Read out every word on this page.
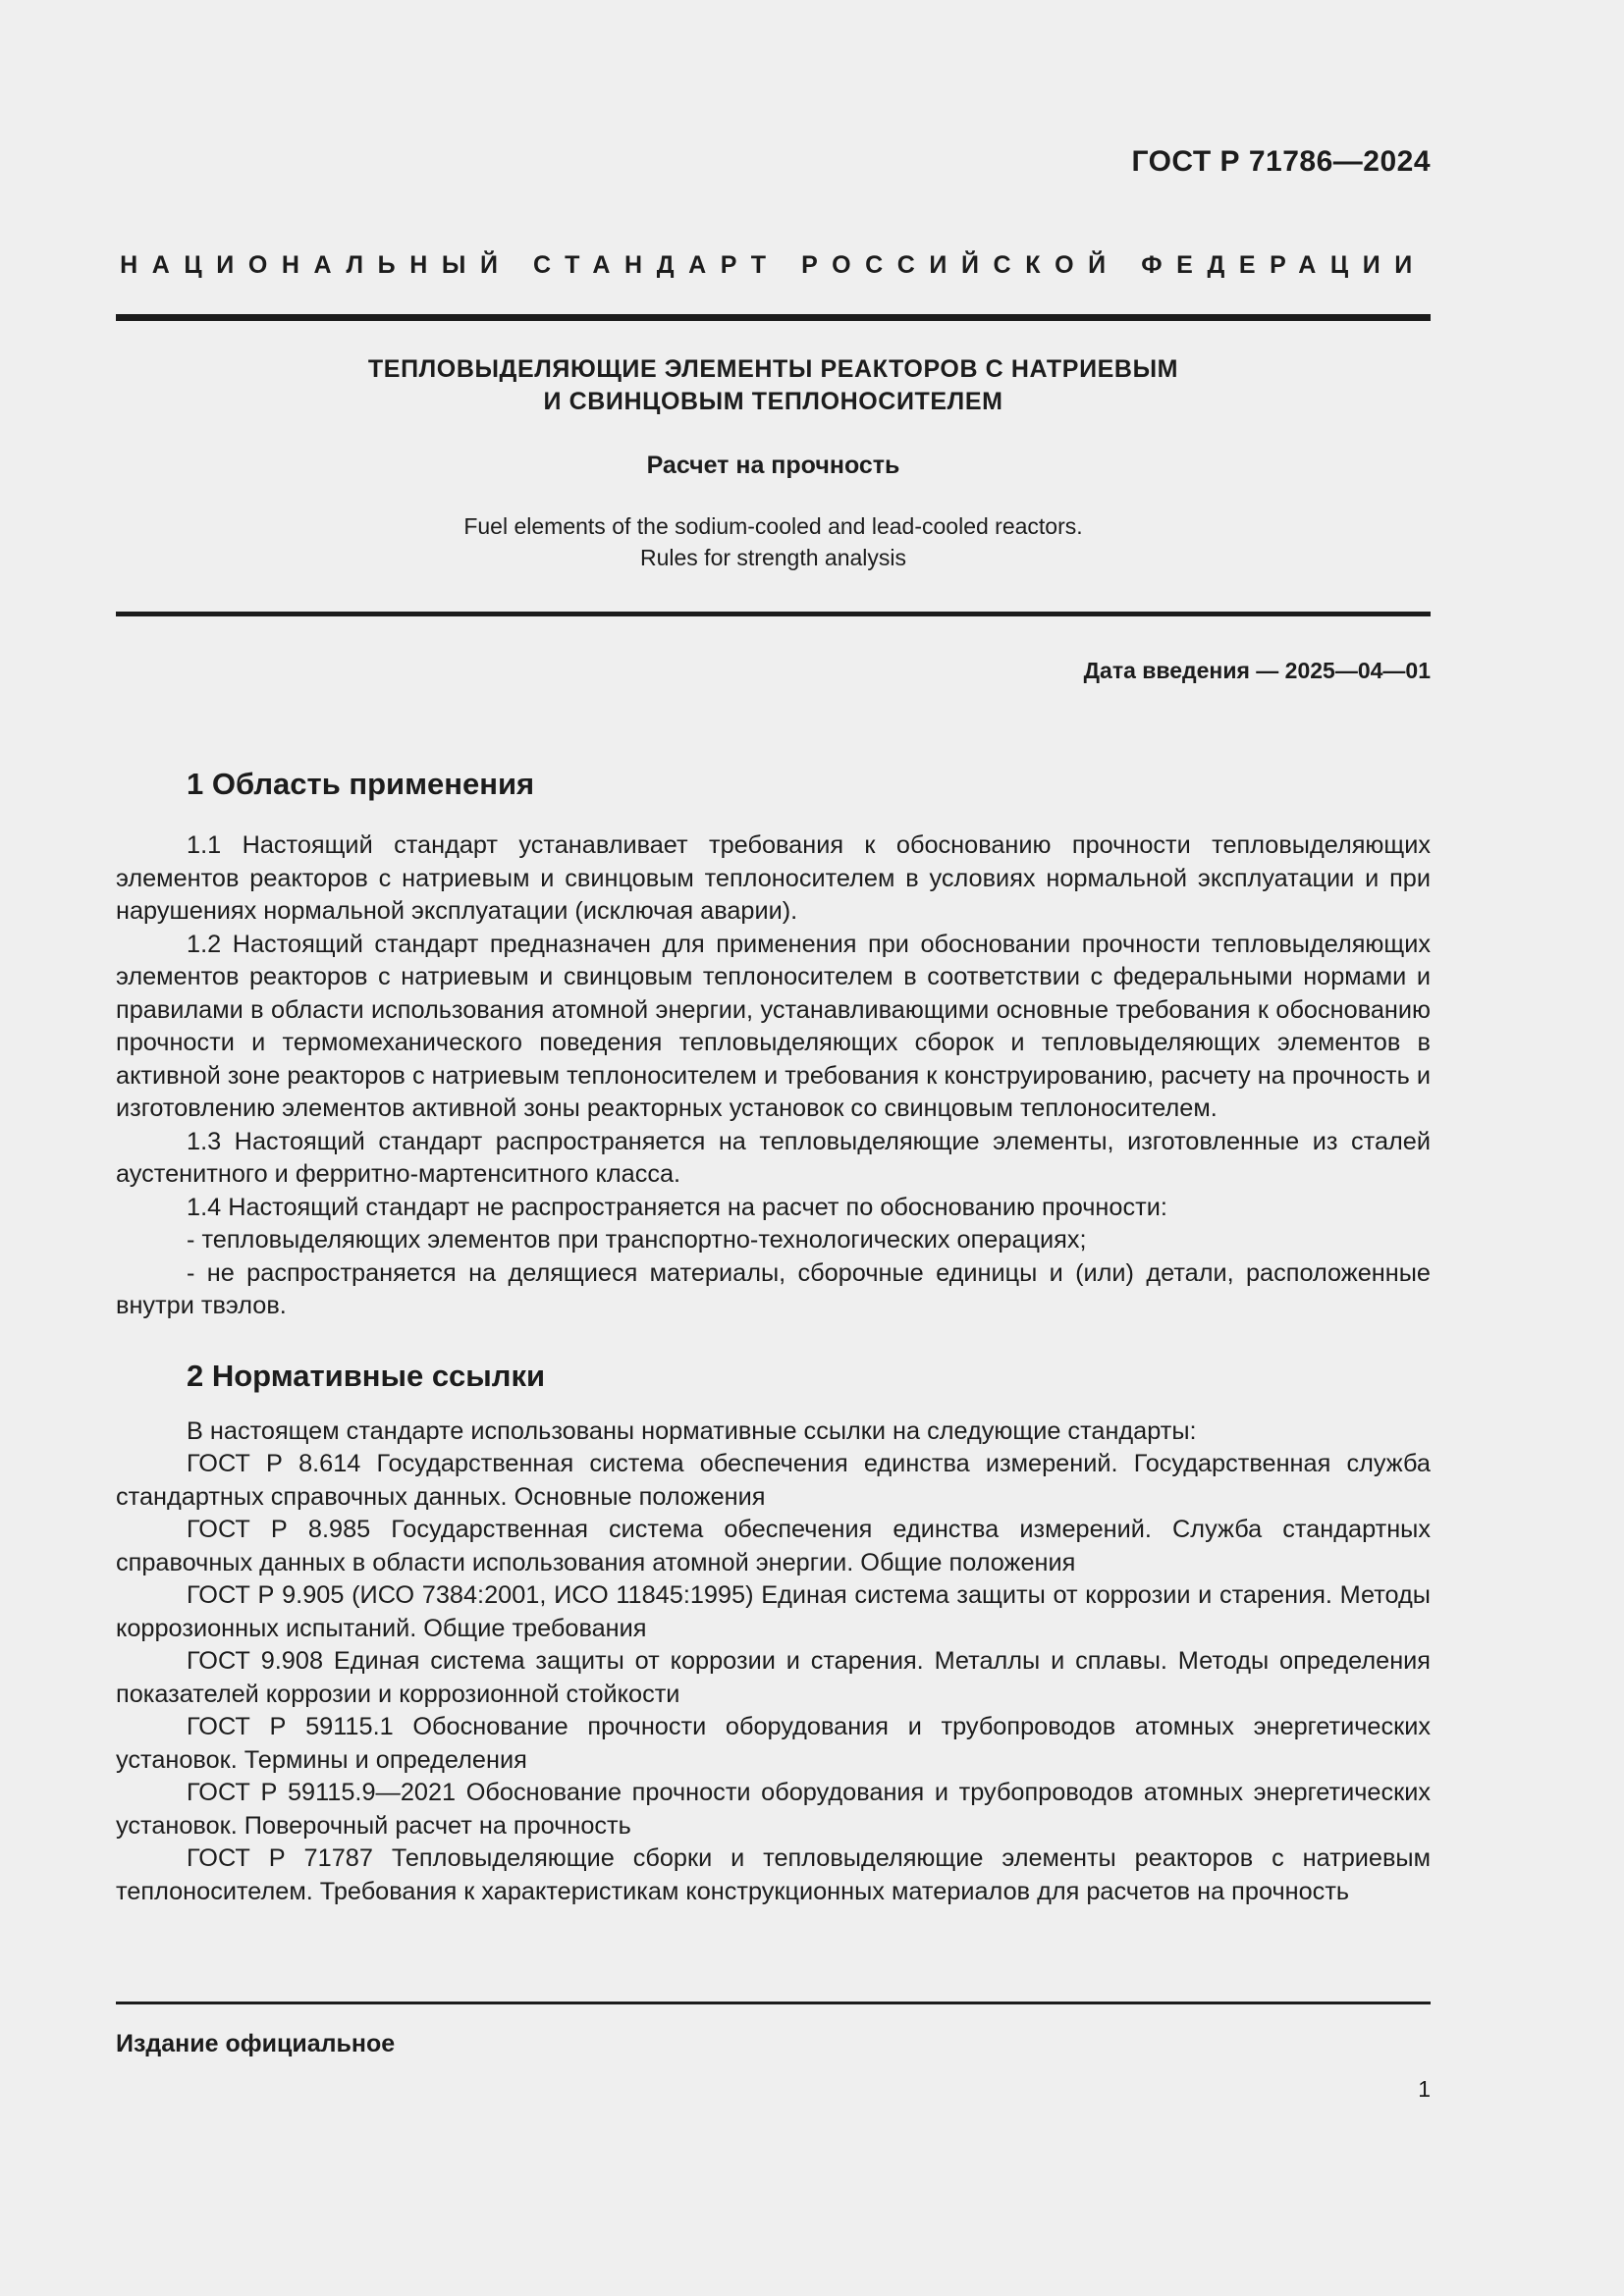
ГОСТ Р 71786—2024
НАЦИОНАЛЬНЫЙ СТАНДАРТ РОССИЙСКОЙ ФЕДЕРАЦИИ
ТЕПЛОВЫДЕЛЯЮЩИЕ ЭЛЕМЕНТЫ РЕАКТОРОВ С НАТРИЕВЫМ
И СВИНЦОВЫМ ТЕПЛОНОСИТЕЛЕМ
Расчет на прочность
Fuel elements of the sodium-cooled and lead-cooled reactors.
Rules for strength analysis
Дата введения — 2025—04—01
1 Область применения

1.1 Настоящий стандарт устанавливает требования к обоснованию прочности тепловыделяющих элементов реакторов с натриевым и свинцовым теплоносителем в условиях нормальной эксплуатации и при нарушениях нормальной эксплуатации (исключая аварии).

1.2 Настоящий стандарт предназначен для применения при обосновании прочности тепловыделяющих элементов реакторов с натриевым и свинцовым теплоносителем в соответствии с федеральными нормами и правилами в области использования атомной энергии, устанавливающими основные требования к обоснованию прочности и термомеханического поведения тепловыделяющих сборок и тепловыделяющих элементов в активной зоне реакторов с натриевым теплоносителем и требования к конструированию, расчету на прочность и изготовлению элементов активной зоны реакторных установок со свинцовым теплоносителем.

1.3 Настоящий стандарт распространяется на тепловыделяющие элементы, изготовленные из сталей аустенитного и ферритно-мартенситного класса.

1.4 Настоящий стандарт не распространяется на расчет по обоснованию прочности:

- тепловыделяющих элементов при транспортно-технологических операциях;

- не распространяется на делящиеся материалы, сборочные единицы и (или) детали, расположенные внутри твэлов.

2 Нормативные ссылки

В настоящем стандарте использованы нормативные ссылки на следующие стандарты:

ГОСТ Р 8.614 Государственная система обеспечения единства измерений. Государственная служба стандартных справочных данных. Основные положения

ГОСТ Р 8.985 Государственная система обеспечения единства измерений. Служба стандартных справочных данных в области использования атомной энергии. Общие положения

ГОСТ Р 9.905 (ИСО 7384:2001, ИСО 11845:1995) Единая система защиты от коррозии и старения. Методы коррозионных испытаний. Общие требования

ГОСТ 9.908 Единая система защиты от коррозии и старения. Металлы и сплавы. Методы определения показателей коррозии и коррозионной стойкости

ГОСТ Р 59115.1 Обоснование прочности оборудования и трубопроводов атомных энергетических установок. Термины и определения

ГОСТ Р 59115.9—2021 Обоснование прочности оборудования и трубопроводов атомных энергетических установок. Поверочный расчет на прочность

ГОСТ Р 71787 Тепловыделяющие сборки и тепловыделяющие элементы реакторов с натриевым теплоносителем. Требования к характеристикам конструкционных материалов для расчетов на прочность

Издание официальное
1
